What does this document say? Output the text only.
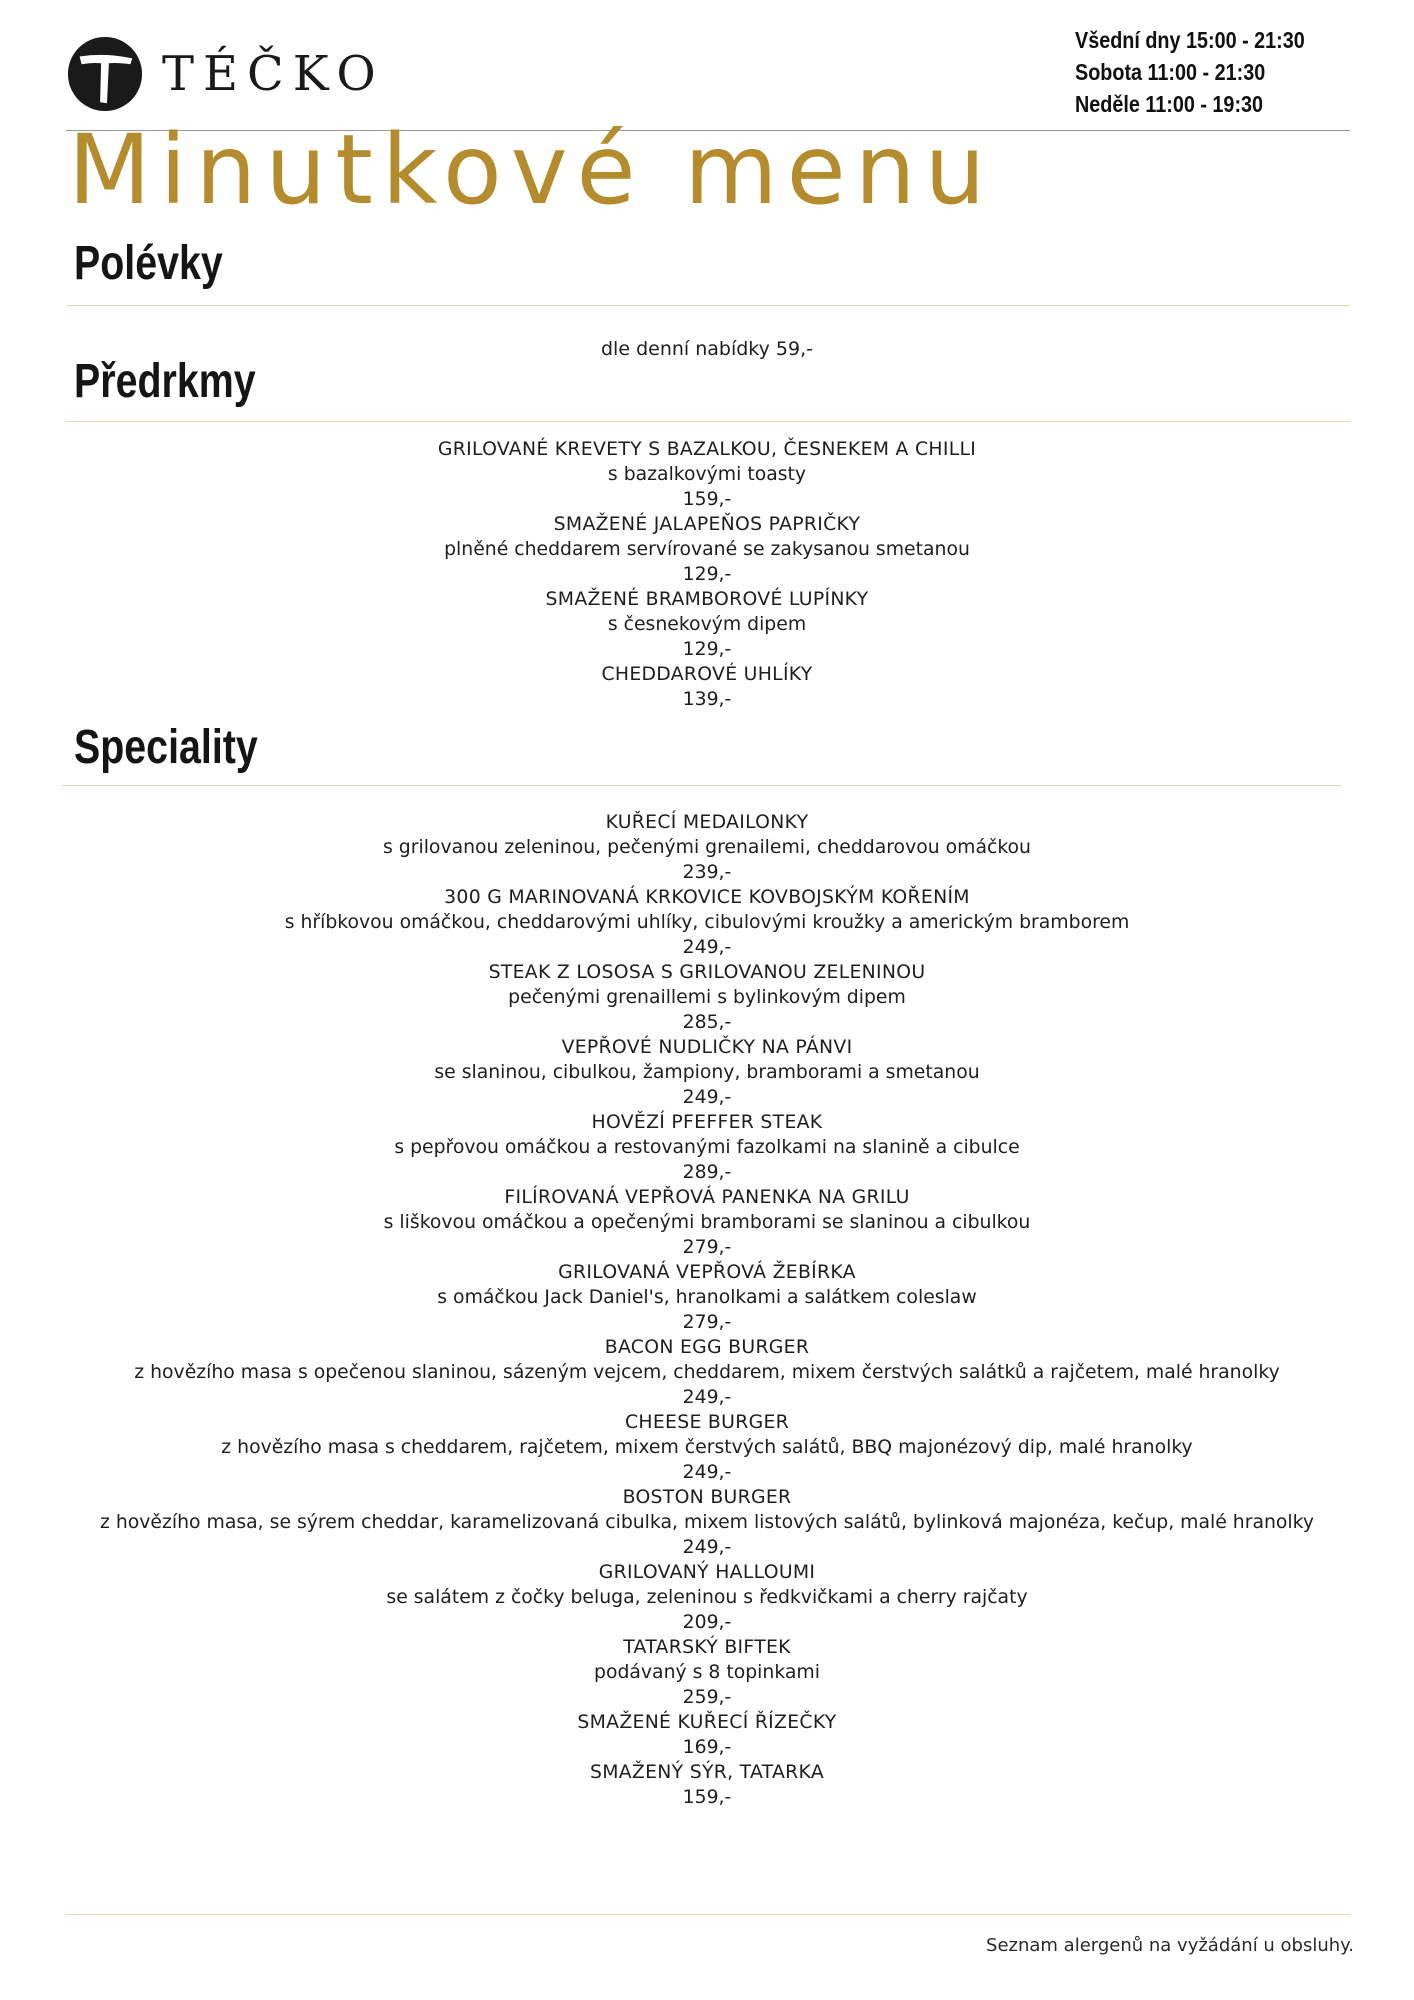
TÉČKO
Všední dny 15:00 - 21:30
Sobota 11:00 - 21:30
Neděle 11:00 - 19:30
Minutkové menu
Polévky
dle denní nabídky 59,-
Předrkmy
GRILOVANÉ KREVETY S BAZALKOU, ČESNEKEM A CHILLI
s bazalkovými toasty
159,-
SMAŽENÉ JALAPEŇOS PAPRIČKY
plněné cheddarem servírované se zakysanou smetanou
129,-
SMAŽENÉ BRAMBOROVÉ LUPÍNKY
s česnekovým dipem
129,-
CHEDDAROVÉ UHLÍKY
139,-
Speciality
KUŘECÍ MEDAILONKY
s grilovanou zeleninou, pečenými grenailemi, cheddarovou omáčkou
239,-
300 G MARINOVANÁ KRKOVICE KOVBOJSKÝM KOŘENÍM
s hříbkovou omáčkou, cheddarovými uhlíky, cibulovými kroužky a americkým bramborem
249,-
STEAK Z LOSOSA S GRILOVANOU ZELENINOU
pečenými grenaillemi s bylinkovým dipem
285,-
VEPŘOVÉ NUDLIČKY NA PÁNVI
se slaninou, cibulkou, žampiony, bramborami a smetanou
249,-
HOVĚZÍ PFEFFER STEAK
s pepřovou omáčkou a restovanými fazolkami na slanině a cibulce
289,-
FILÍROVANÁ VEPŘOVÁ PANENKA NA GRILU
s liškovou omáčkou a opečenými bramborami se slaninou a cibulkou
279,-
GRILOVANÁ VEPŘOVÁ ŽEBÍRKA
s omáčkou Jack Daniel's, hranolkami a salátkem coleslaw
279,-
BACON EGG BURGER
z hovězího masa s opečenou slaninou, sázeným vejcem, cheddarem, mixem čerstvých salátků a rajčetem, malé hranolky
249,-
CHEESE BURGER
z hovězího masa s cheddarem, rajčetem, mixem čerstvých salátů, BBQ majonézový dip, malé hranolky
249,-
BOSTON BURGER
z hovězího masa, se sýrem cheddar, karamelizovaná cibulka, mixem listových salátů, bylinková majonéza, kečup, malé hranolky
249,-
GRILOVANÝ HALLOUMI
se salátem z čočky beluga, zeleninou s ředkvičkami a cherry rajčaty
209,-
TATARSKÝ BIFTEK
podávaný s 8 topinkami
259,-
SMAŽENÉ KUŘECÍ ŘÍZEČKY
169,-
SMAŽENÝ SÝR, TATARKA
159,-
Seznam alergenů na vyžádání u obsluhy.
